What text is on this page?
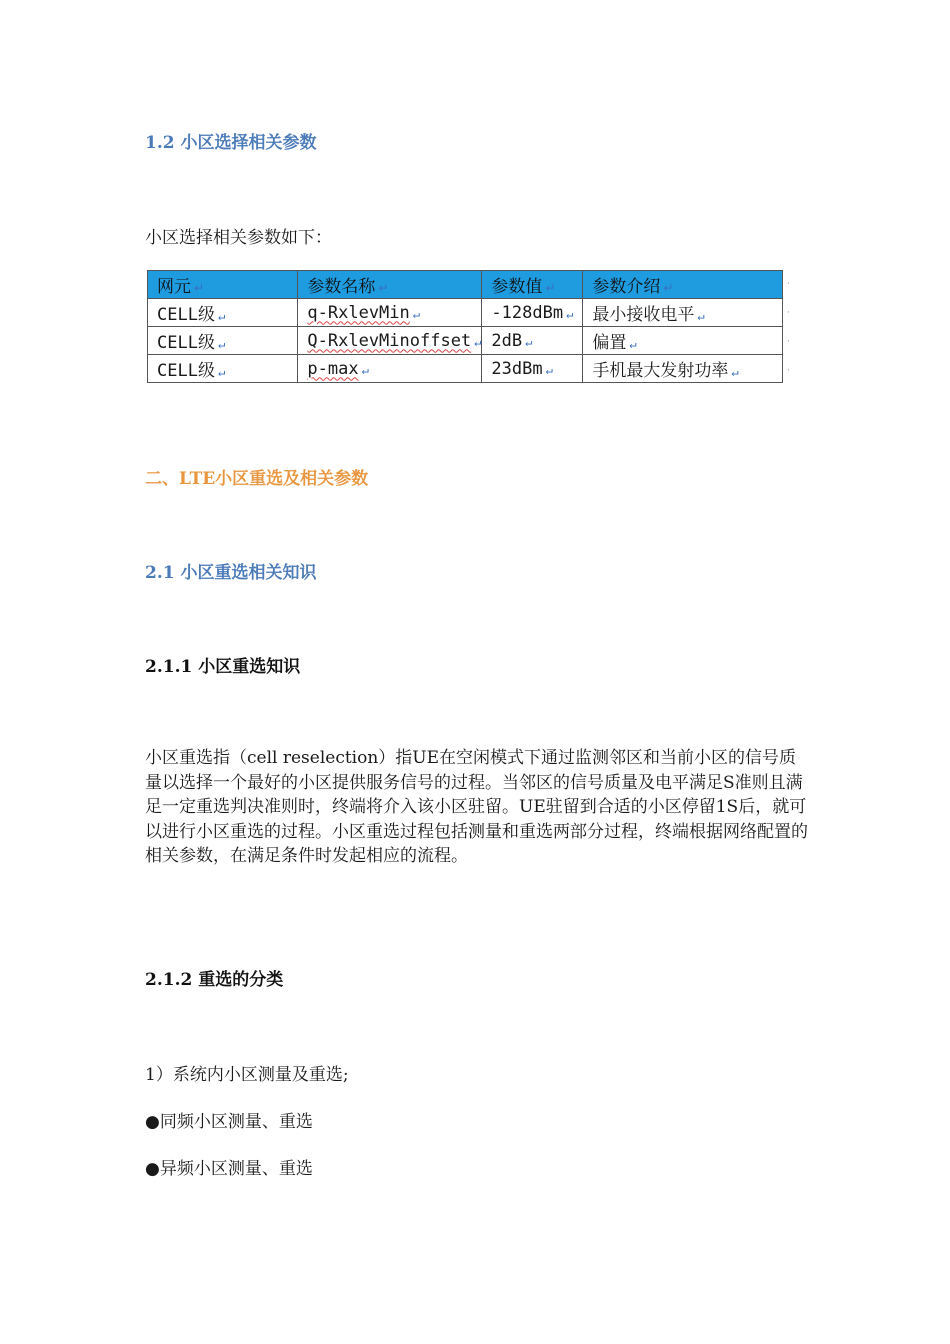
1.2 小区选择相关参数
小区选择相关参数如下：
网元 ↵	参数名称 ↵	参数值 ↵	参数介绍 ↵
CELL级 ↵	q-RxlevMin ↵	-128dBm ↵	最小接收电平 ↵
CELL级 ↵	Q-RxlevMinoffset ↵	2dB ↵	偏置 ↵
CELL级 ↵	p-max ↵	23dBm ↵	手机最大发射功率 ↵
·
·
·
·
二、LTE小区重选及相关参数
2.1 小区重选相关知识
2.1.1 小区重选知识
小区重选指（cell reselection）指UE在空闲模式下通过监测邻区和当前小区的信号质量以选择一个最好的小区提供服务信号的过程。当邻区的信号质量及电平满足S准则且满足一定重选判决准则时，终端将介入该小区驻留。UE驻留到合适的小区停留1S后，就可以进行小区重选的过程。小区重选过程包括测量和重选两部分过程，终端根据网络配置的相关参数，在满足条件时发起相应的流程。
2.1.2 重选的分类
1）系统内小区测量及重选;
●同频小区测量、重选
●异频小区测量、重选
